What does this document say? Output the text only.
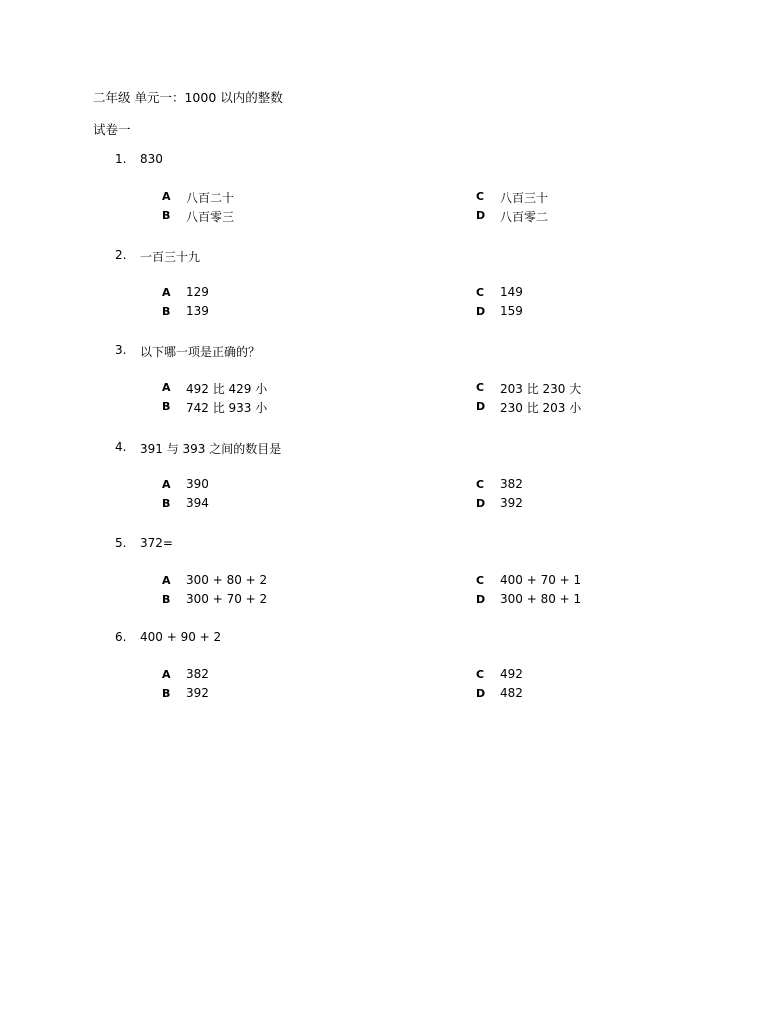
二年级 单元一：1000 以内的整数
试卷一
1. 830
A 八百二十	C 八百三十
B 八百零三	D 八百零二
2. 一百三十九
A 129	C 149
B 139	D 159
3. 以下哪一项是正确的？
A 492 比 429 小	C 203 比 230 大
B 742 比 933 小	D 230 比 203 小
4. 391 与 393 之间的数目是
A 390	C 382
B 394	D 392
5. 372=
A 300 + 80 + 2	C 400 + 70 + 1
B 300 + 70 + 2	D 300 + 80 + 1
6. 400 + 90 + 2
A 382	C 492
B 392	D 482
